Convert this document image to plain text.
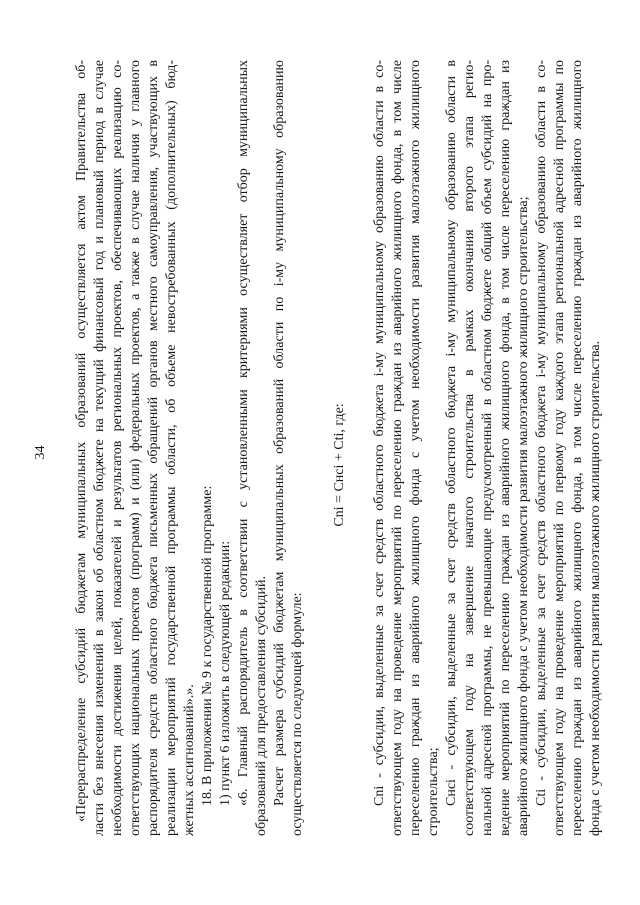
34 «Перераспределение субсидий бюджетам муниципальных образований осуществляется актом Правительства об- ласти без внесения изменений в закон об областном бюджете на текущий финансовый год и плановый период в случае необходимости достижения целей, показателей и результатов региональных проектов, обеспечивающих реализацию со- ответствующих национальных проектов (программ) и (или) федеральных проектов, а также в случае наличия у главного распорядителя средств областного бюджета письменных обращений органов местного самоуправления, участвующих в реализации мероприятий государственной программы области, об объеме невостребованных (дополнительных) бюд- жетных ассигнований».». 18. В приложении № 9 к государственной программе: 1) пункт 6 изложить в следующей редакции: «6. Главный распорядитель в соответствии с установленными критериями осуществляет отбор муниципальных образований для предоставления субсидий. Расчет размера субсидий бюджетам муниципальных образований области по i-му муниципальному образованию осуществляется по следующей формуле:
Сni = Снсi + Сti, где: Сni - субсидии, выделенные за счет средств областного бюджета i-му муниципальному образованию области в со- ответствующем году на проведение мероприятий по переселению граждан из аварийного жилищного фонда, в том числе переселению граждан из аварийного жилищного фонда с учетом необходимости развития малоэтажного жилищного строительства; Снсi - субсидии, выделенные за счет средств областного бюджета i-му муниципальному образованию области в соответствующем году на завершение начатого строительства в рамках окончания второго этапа регио- нальной адресной программы, не превышающие предусмотренный в областном бюджете общий объем субсидий на про- ведение мероприятий по переселению граждан из аварийного жилищного фонда, в том числе переселению граждан из аварийного жилищного фонда с учетом необходимости развития малоэтажного жилищного строительства; Сti - субсидии, выделенные за счет средств областного бюджета i-му муниципальному образованию области в со- ответствующем году на проведение мероприятий по первому году каждого этапа региональной адресной программы по переселению граждан из аварийного жилищного фонда, в том числе переселению граждан из аварийного жилищного фонда с учетом необходимости развития малоэтажного жилищного строительства.
